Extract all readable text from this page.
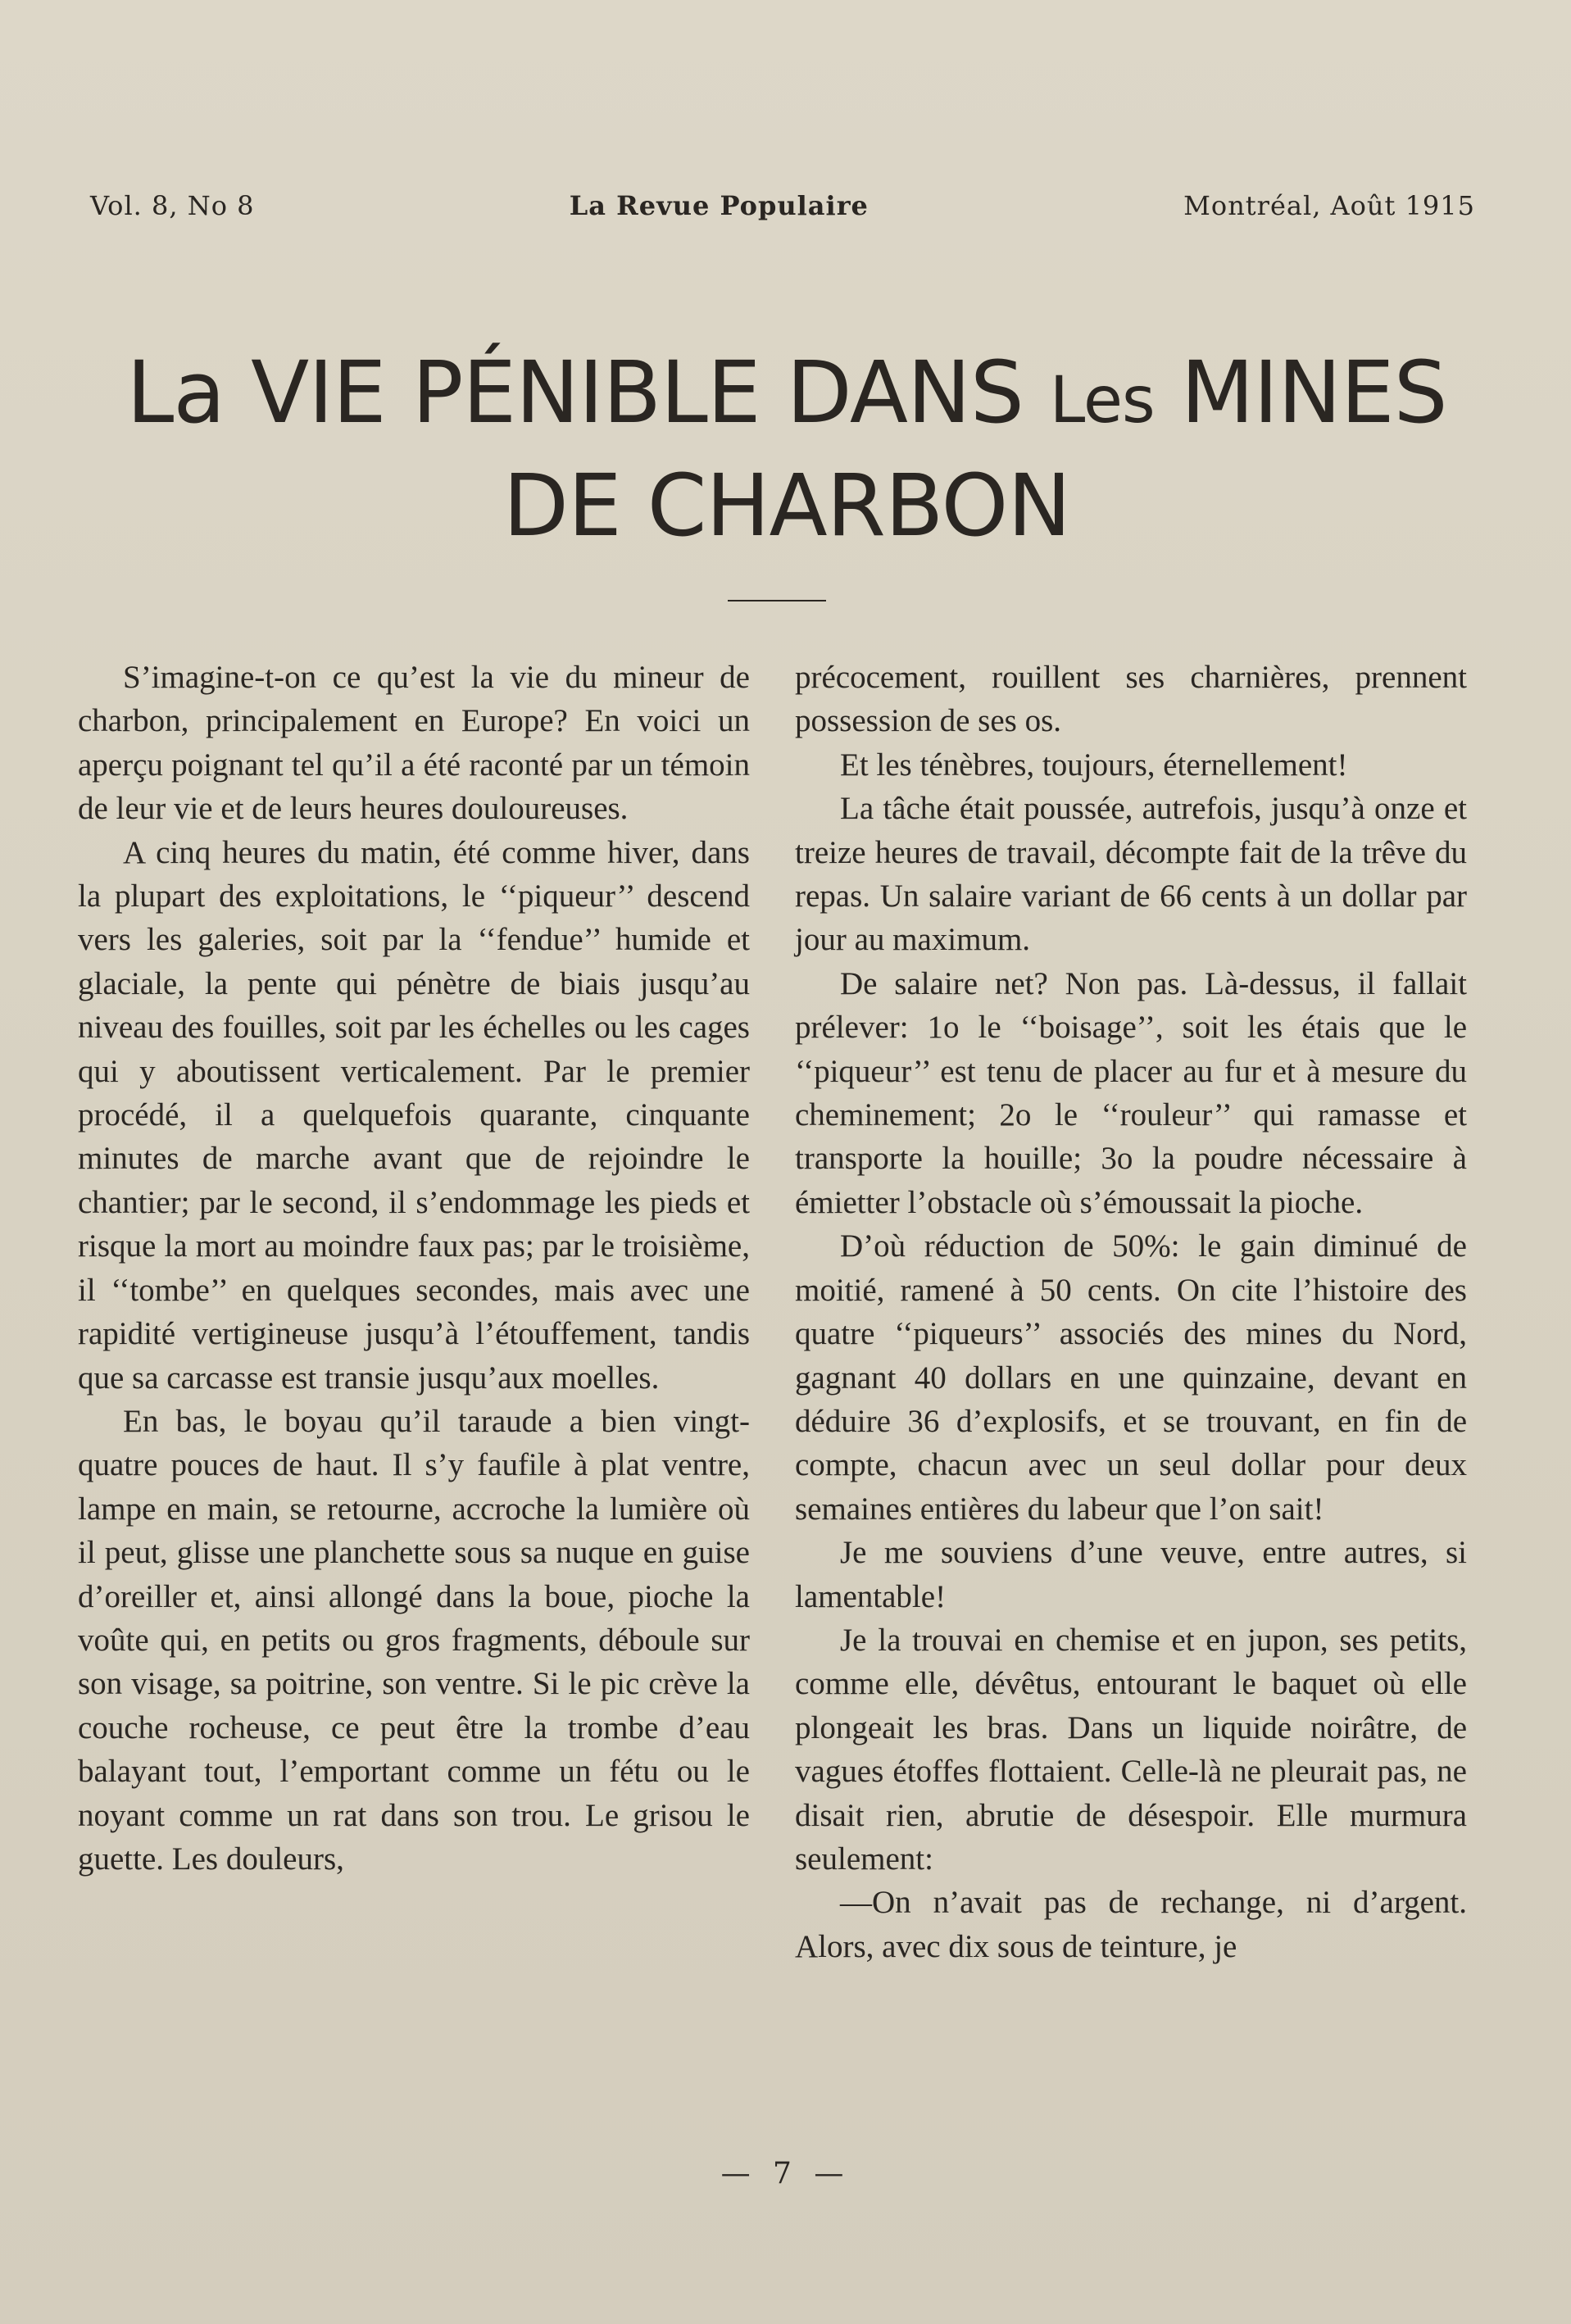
Vol. 8, No 8	La Revue Populaire	Montréal, Août 1915
La VIE PÉNIBLE DANS Les MINES
DE CHARBON

S’imagine-t-on ce qu’est la vie du mineur de charbon, principalement en Europe? En voici un aperçu poignant tel qu’il a été raconté par un témoin de leur vie et de leurs heures douloureuses.

A cinq heures du matin, été comme hiver, dans la plupart des exploitations, le ‘‘piqueur’’ descend vers les galeries, soit par la ‘‘fendue’’ humide et glaciale, la pente qui pénètre de biais jusqu’au niveau des fouilles, soit par les échelles ou les cages qui y aboutissent verticalement. Par le premier procédé, il a quelquefois quarante, cinquante minutes de marche avant que de rejoindre le chantier; par le second, il s’endommage les pieds et risque la mort au moindre faux pas; par le troisième, il ‘‘tombe’’ en quelques secondes, mais avec une rapidité vertigineuse jusqu’à l’étouffement, tandis que sa carcasse est transie jusqu’aux moelles.

En bas, le boyau qu’il taraude a bien vingt-quatre pouces de haut. Il s’y faufile à plat ventre, lampe en main, se retourne, accroche la lumière où il peut, glisse une planchette sous sa nuque en guise d’oreiller et, ainsi allongé dans la boue, pioche la voûte qui, en petits ou gros fragments, déboule sur son visage, sa poitrine, son ventre. Si le pic crève la couche rocheuse, ce peut être la trombe d’eau balayant tout, l’emportant comme un fétu ou le noyant comme un rat dans son trou. Le grisou le guette. Les douleurs,

précocement, rouillent ses charnières, prennent possession de ses os.

Et les ténèbres, toujours, éternellement!

La tâche était poussée, autrefois, jusqu’à onze et treize heures de travail, décompte fait de la trêve du repas. Un salaire variant de 66 cents à un dollar par jour au maximum.

De salaire net? Non pas. Là-dessus, il fallait prélever: 1o le ‘‘boisage’’, soit les étais que le ‘‘piqueur’’ est tenu de placer au fur et à mesure du cheminement; 2o le ‘‘rouleur’’ qui ramasse et transporte la houille; 3o la poudre nécessaire à émietter l’obstacle où s’émoussait la pioche.

D’où réduction de 50%: le gain diminué de moitié, ramené à 50 cents. On cite l’histoire des quatre ‘‘piqueurs’’ associés des mines du Nord, gagnant 40 dollars en une quinzaine, devant en déduire 36 d’explosifs, et se trouvant, en fin de compte, chacun avec un seul dollar pour deux semaines entières du labeur que l’on sait!

Je me souviens d’une veuve, entre autres, si lamentable!

Je la trouvai en chemise et en jupon, ses petits, comme elle, dévêtus, entourant le baquet où elle plongeait les bras. Dans un liquide noirâtre, de vagues étoffes flottaient. Celle-là ne pleurait pas, ne disait rien, abrutie de désespoir. Elle murmura seulement:

—On n’avait pas de rechange, ni d’argent. Alors, avec dix sous de teinture, je

— 7 —
